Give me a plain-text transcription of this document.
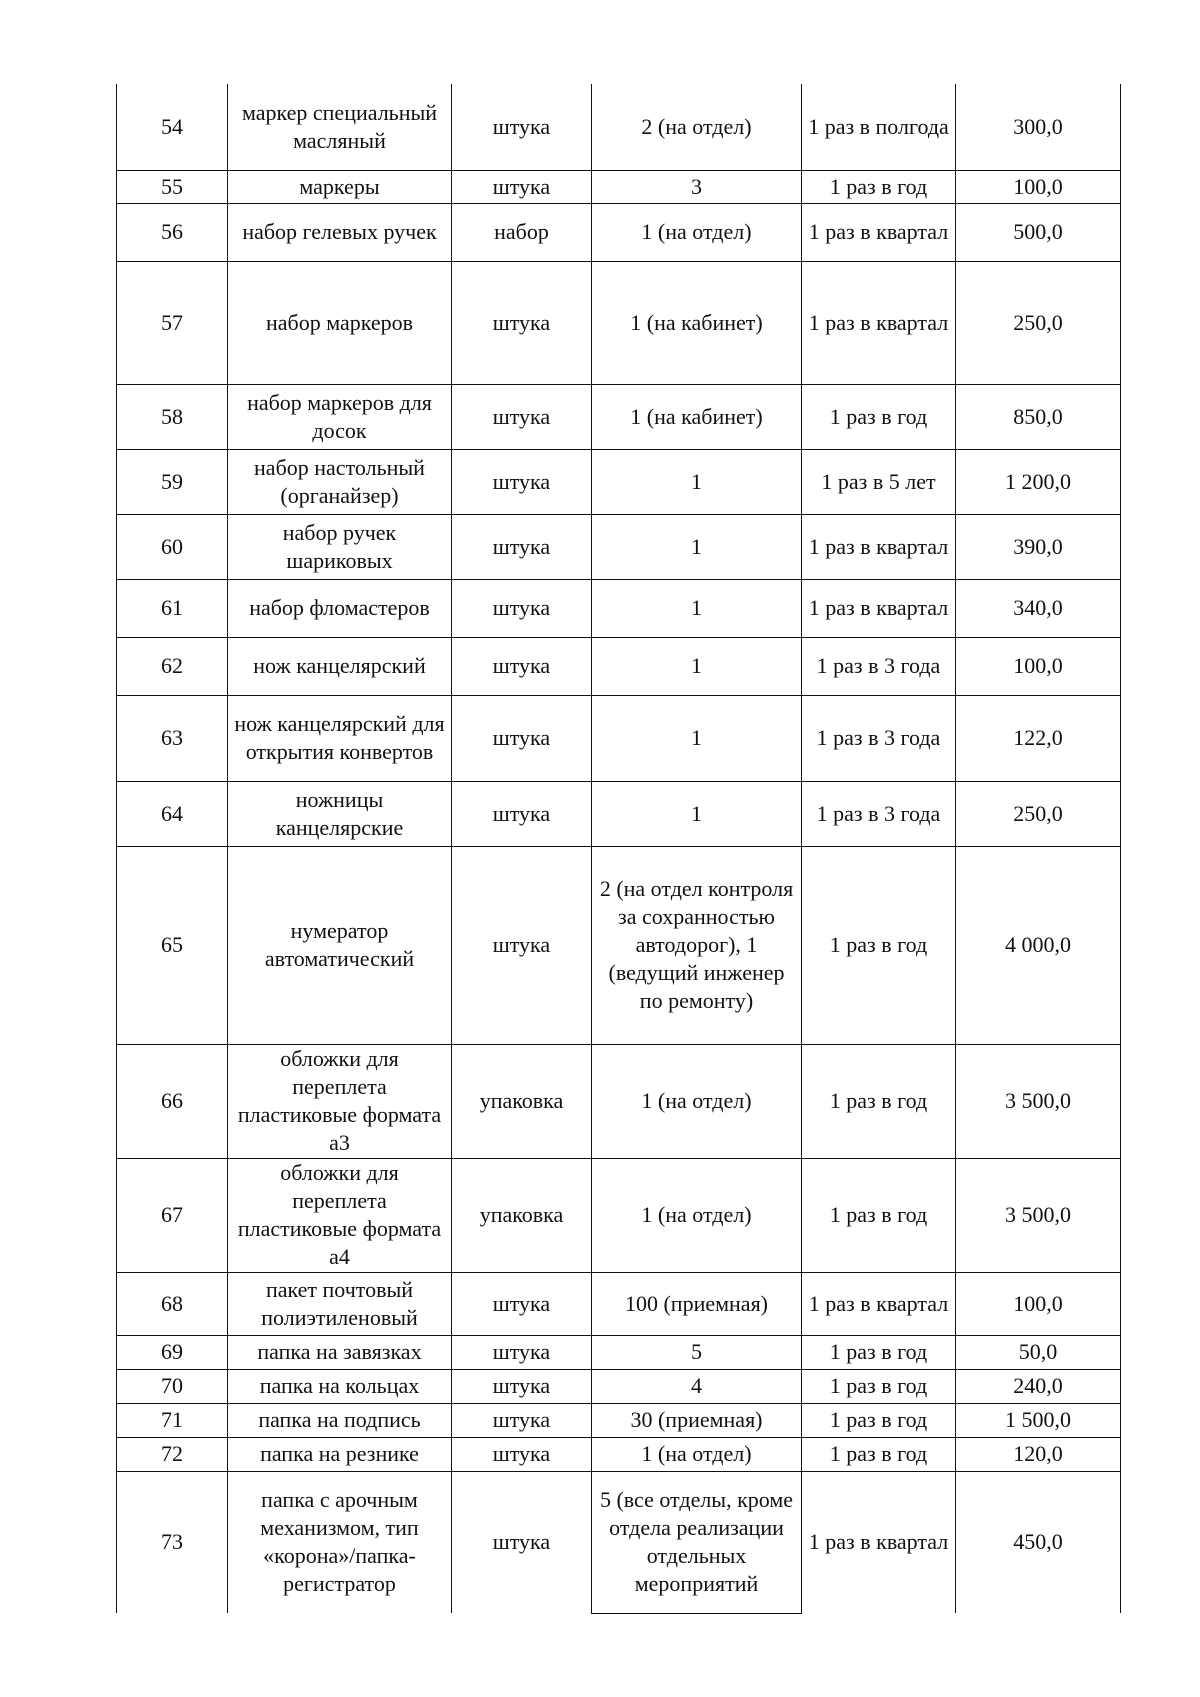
54	маркер специальный масляный	штука	2 (на отдел)	1 раз в полгода	300,0
55	маркеры	штука	3	1 раз в год	100,0
56	набор гелевых ручек	набор	1 (на отдел)	1 раз в квартал	500,0
57	набор маркеров	штука	1 (на кабинет)	1 раз в квартал	250,0
58	набор маркеров для досок	штука	1 (на кабинет)	1 раз в год	850,0
59	набор настольный (органайзер)	штука	1	1 раз в 5 лет	1 200,0
60	набор ручек шариковых	штука	1	1 раз в квартал	390,0
61	набор фломастеров	штука	1	1 раз в квартал	340,0
62	нож канцелярский	штука	1	1 раз в 3 года	100,0
63	нож канцелярский для открытия конвертов	штука	1	1 раз в 3 года	122,0
64	ножницы канцелярские	штука	1	1 раз в 3 года	250,0
65	нумератор автоматический	штука	2 (на отдел контроля за сохранностью автодорог), 1 (ведущий инженер по ремонту)	1 раз в год	4 000,0
66	обложки для переплета пластиковые формата а3	упаковка	1 (на отдел)	1 раз в год	3 500,0
67	обложки для переплета пластиковые формата а4	упаковка	1 (на отдел)	1 раз в год	3 500,0
68	пакет почтовый полиэтиленовый	штука	100 (приемная)	1 раз в квартал	100,0
69	папка на завязках	штука	5	1 раз в год	50,0
70	папка на кольцах	штука	4	1 раз в год	240,0
71	папка на подпись	штука	30 (приемная)	1 раз в год	1 500,0
72	папка на резнике	штука	1 (на отдел)	1 раз в год	120,0
73	папка с арочным механизмом, тип «корона»/папка-регистратор	штука	5 (все отделы, кроме отдела реализации отдельных мероприятий	1 раз в квартал	450,0
